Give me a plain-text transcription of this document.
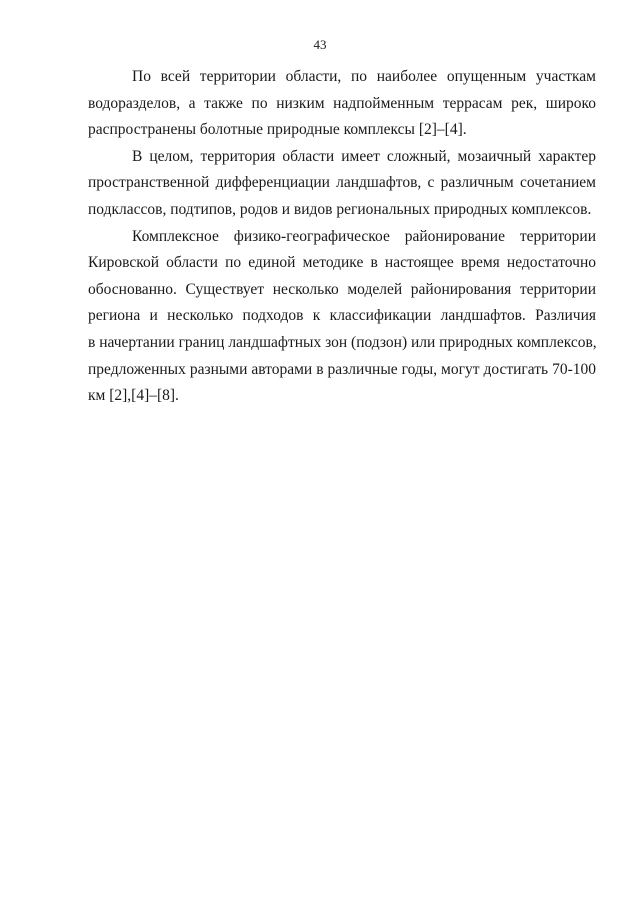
43

По всей территории области, по наиболее опущенным участкам
водоразделов, а также по низким надпойменным террасам рек, широко
распространены болотные природные комплексы [2]–[4].

В целом, территория области имеет сложный, мозаичный характер
пространственной дифференциации ландшафтов, с различным сочетанием
подклассов, подтипов, родов и видов региональных природных комплексов.

Комплексное физико-географическое районирование территории
Кировской области по единой методике в настоящее время недостаточно
обоснованно. Существует несколько моделей районирования территории
региона и несколько подходов к классификации ландшафтов. Различия
в начертании границ ландшафтных зон (подзон) или природных комплексов,
предложенных разными авторами в различные годы, могут достигать 70-100
км [2],[4]–[8].
